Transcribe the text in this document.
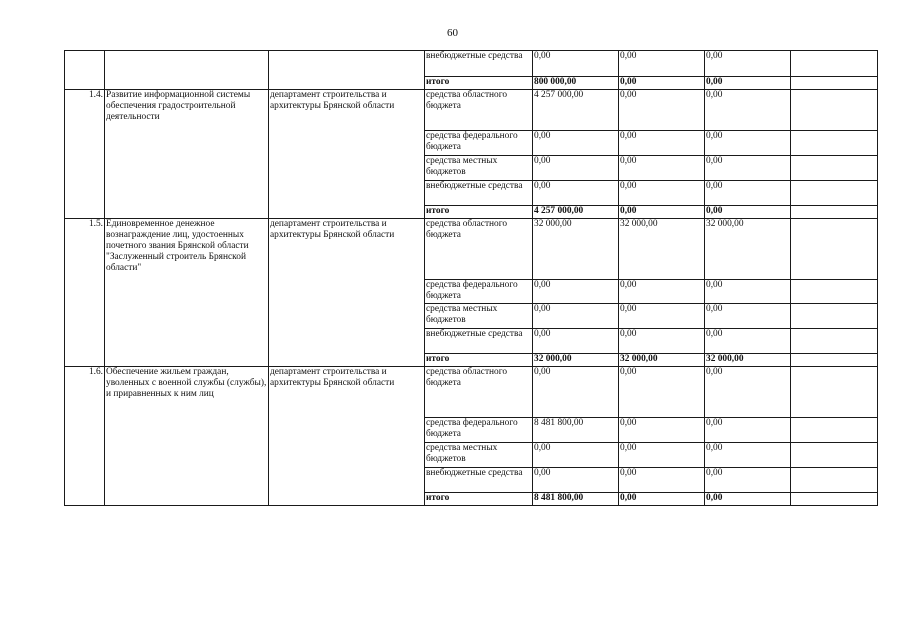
60
			внебюджетные средства	0,00	0,00	0,00	
			итого	800 000,00	0,00	0,00	
1.4.	Развитие информационной системы обеспечения градостроительной деятельности	департамент строительства и архитектуры Брянской области	средства областного бюджета	4 257 000,00	0,00	0,00	
			средства федерального бюджета	0,00	0,00	0,00	
			средства местных бюджетов	0,00	0,00	0,00	
			внебюджетные средства	0,00	0,00	0,00	
			итого	4 257 000,00	0,00	0,00	
1.5.	Единовременное денежное вознаграждение лиц, удостоенных почетного звания Брянской области "Заслуженный строитель Брянской области"	департамент строительства и архитектуры Брянской области	средства областного бюджета	32 000,00	32 000,00	32 000,00	
			средства федерального бюджета	0,00	0,00	0,00	
			средства местных бюджетов	0,00	0,00	0,00	
			внебюджетные средства	0,00	0,00	0,00	
			итого	32 000,00	32 000,00	32 000,00	
1.6.	Обеспечение жильем граждан, уволенных с военной службы (службы), и приравненных к ним лиц	департамент строительства и архитектуры Брянской области	средства областного бюджета	0,00	0,00	0,00	
			средства федерального бюджета	8 481 800,00	0,00	0,00	
			средства местных бюджетов	0,00	0,00	0,00	
			внебюджетные средства	0,00	0,00	0,00	
			итого	8 481 800,00	0,00	0,00	
